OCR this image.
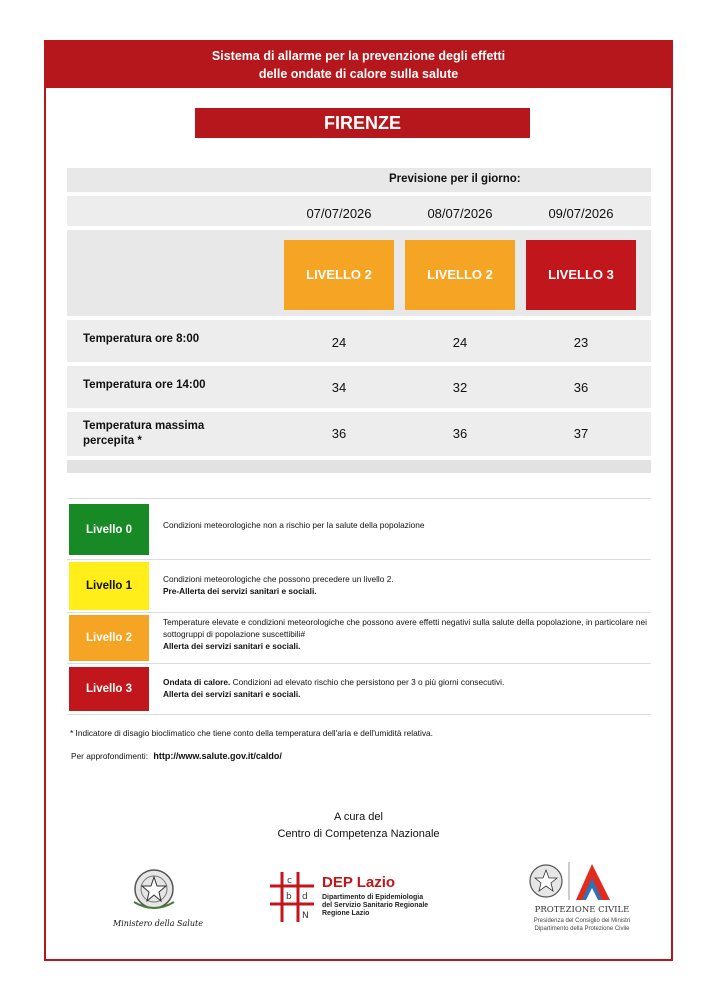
Sistema di allarme per la prevenzione degli effetti
delle ondate di calore sulla salute
FIRENZE
Previsione per il giorno:
07/07/2026	08/07/2026	09/07/2026
LIVELLO 2	LIVELLO 2	LIVELLO 3
Temperatura ore 8:00	24	24	23
Temperatura ore 14:00	34	32	36
Temperatura massima
percepita *	36	36	37
Livello 0	Condizioni meteorologiche non a rischio per la salute della popolazione
Livello 1
Condizioni meteorologiche che possono precedere un livello 2.
Pre-Allerta dei servizi sanitari e sociali.
Livello 2
Temperature elevate e condizioni meteorologiche che possono avere effetti negativi sulla salute della popolazione, in particolare nei sottogruppi di popolazione suscettibili#
Allerta dei servizi sanitari e sociali.
Livello 3
Ondata di calore. Condizioni ad elevato rischio che persistono per 3 o più giorni consecutivi.
Allerta dei servizi sanitari e sociali.
* Indicatore di disagio bioclimatico che tiene conto della temperatura dell'aria e dell'umidità relativa.
Per approfondimenti: http://www.salute.gov.it/caldo/
A cura del
Centro di Competenza Nazionale
Ministero della Salute
c
d
b
N
DEP Lazio
Dipartimento di Epidemiologia
del Servizio Sanitario Regionale
Regione Lazio	PROTEZIONE CIVILE
Presidenza del Consiglio dei Ministri
Dipartimento della Protezione Civile
